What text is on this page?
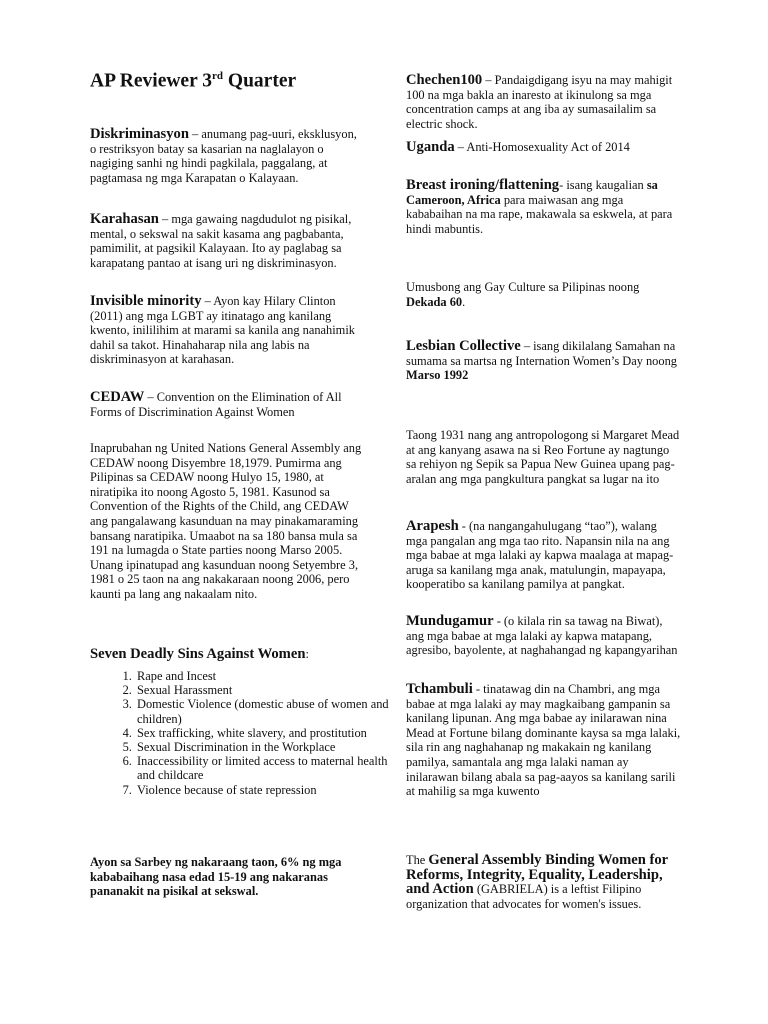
AP Reviewer 3rd Quarter

Diskriminasyon – anumang pag-uuri, eksklusyon, o restriksyon batay sa kasarian na naglalayon o nagiging sanhi ng hindi pagkilala, paggalang, at pagtamasa ng mga Karapatan o Kalayaan.

Karahasan – mga gawaing nagdudulot ng pisikal, mental, o sekswal na sakit kasama ang pagbabanta, pamimilit, at pagsikil Kalayaan. Ito ay paglabag sa karapatang pantao at isang uri ng diskriminasyon.

Invisible minority – Ayon kay Hilary Clinton (2011) ang mga LGBT ay itinatago ang kanilang kwento, inililihim at marami sa kanila ang nanahimik dahil sa takot. Hinahaharap nila ang labis na diskriminasyon at karahasan.

CEDAW – Convention on the Elimination of All Forms of Discrimination Against Women

Inaprubahan ng United Nations General Assembly ang CEDAW noong Disyembre 18,1979. Pumirma ang Pilipinas sa CEDAW noong Hulyo 15, 1980, at niratipika ito noong Agosto 5, 1981. Kasunod sa Convention of the Rights of the Child, ang CEDAW ang pangalawang kasunduan na may pinakamaraming bansang naratipika. Umaabot na sa 180 bansa mula sa 191 na lumagda o State parties noong Marso 2005. Unang ipinatupad ang kasunduan noong Setyembre 3, 1981 o 25 taon na ang nakakaraan noong 2006, pero kaunti pa lang ang nakaalam nito.

Seven Deadly Sins Against Women:

1. Rape and Incest
2. Sexual Harassment
3. Domestic Violence (domestic abuse of women and children)
4. Sex trafficking, white slavery, and prostitution
5. Sexual Discrimination in the Workplace
6. Inaccessibility or limited access to maternal health and childcare
7. Violence because of state repression

Ayon sa Sarbey ng nakaraang taon, 6% ng mga kababaihang nasa edad 15-19 ang nakaranas pananakit na pisikal at sekswal.

Chechen100 – Pandaigdigang isyu na may mahigit 100 na mga bakla an inaresto at ikinulong sa mga concentration camps at ang iba ay sumasailalim sa electric shock.

Uganda – Anti-Homosexuality Act of 2014

Breast ironing/flattening- isang kaugalian sa Cameroon, Africa para maiwasan ang mga kababaihan na ma rape, makawala sa eskwela, at para hindi mabuntis.

Umusbong ang Gay Culture sa Pilipinas noong Dekada 60.

Lesbian Collective – isang dikilalang Samahan na sumama sa martsa ng Internation Women’s Day noong Marso 1992

Taong 1931 nang ang antropologong si Margaret Mead at ang kanyang asawa na si Reo Fortune ay nagtungo sa rehiyon ng Sepik sa Papua New Guinea upang pag-aralan ang mga pangkultura pangkat sa lugar na ito

Arapesh - (na nangangahulugang “tao”), walang mga pangalan ang mga tao rito. Napansin nila na ang mga babae at mga lalaki ay kapwa maalaga at mapag-aruga sa kanilang mga anak, matulungin, mapayapa, kooperatibo sa kanilang pamilya at pangkat.

Mundugamur - (o kilala rin sa tawag na Biwat), ang mga babae at mga lalaki ay kapwa matapang, agresibo, bayolente, at naghahangad ng kapangyarihan

Tchambuli - tinatawag din na Chambri, ang mga babae at mga lalaki ay may magkaibang gampanin sa kanilang lipunan. Ang mga babae ay inilarawan nina Mead at Fortune bilang dominante kaysa sa mga lalaki, sila rin ang naghahanap ng makakain ng kanilang pamilya, samantala ang mga lalaki naman ay inilarawan bilang abala sa pag-aayos sa kanilang sarili at mahilig sa mga kuwento

The General Assembly Binding Women for Reforms, Integrity, Equality, Leadership, and Action (GABRIELA) is a leftist Filipino organization that advocates for women's issues.
